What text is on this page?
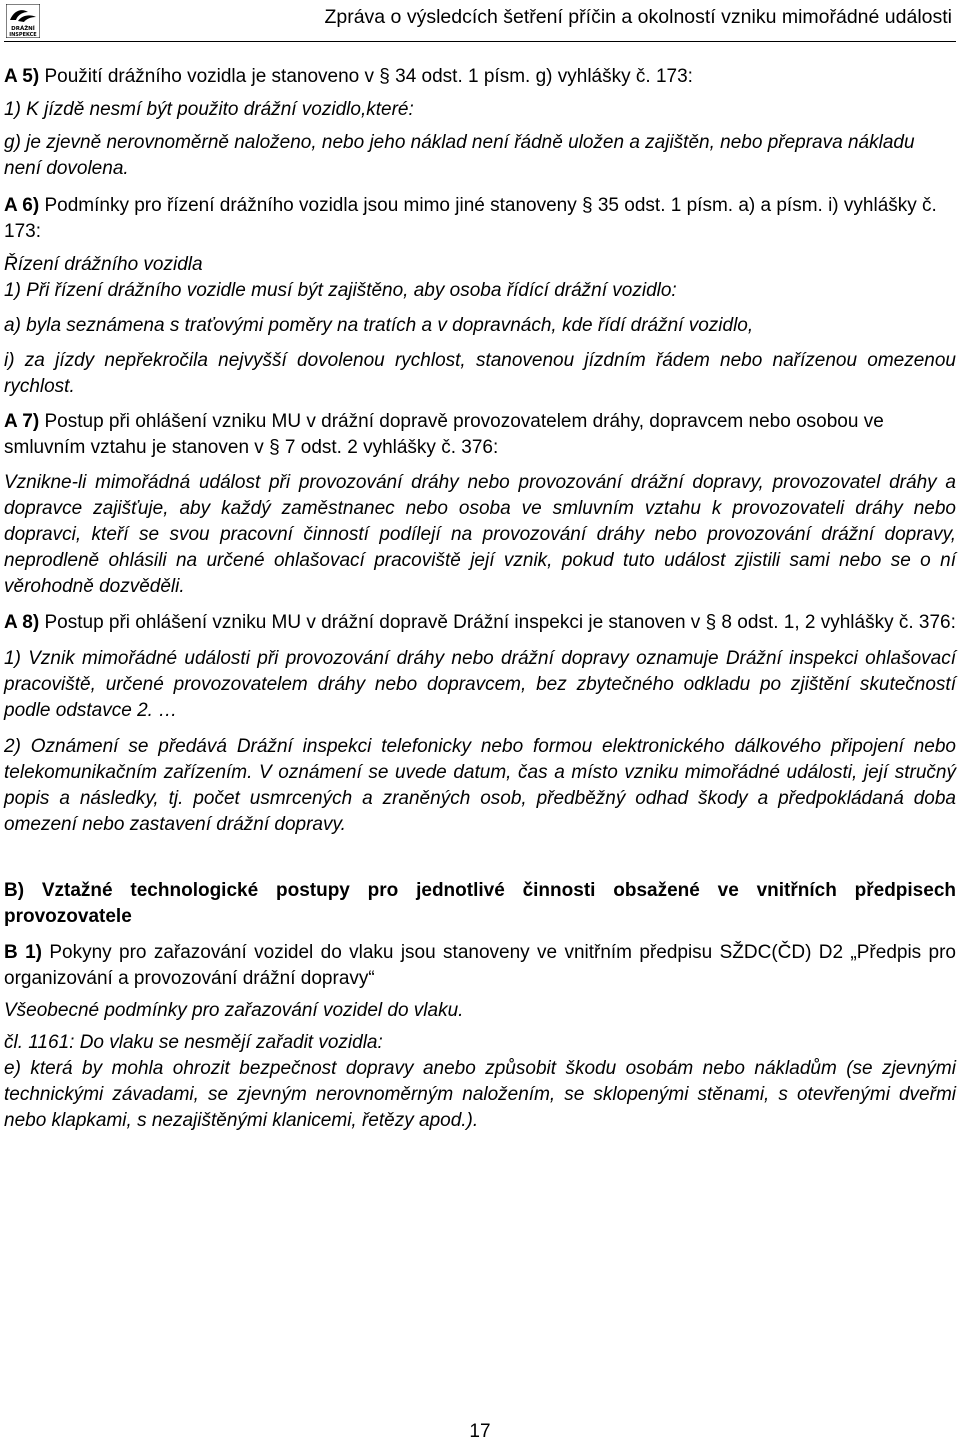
DRÁŽNÍ
INSPEKCE
Zpráva o výsledcích šetření příčin a okolností vzniku mimořádné události

A 5) Použití drážního vozidla je stanoveno v § 34 odst. 1 písm. g) vyhlášky č. 173:

1) K jízdě nesmí být použito drážní vozidlo,které:

g) je zjevně nerovnoměrně naloženo, nebo jeho náklad není řádně uložen a zajištěn, nebo přeprava nákladu není dovolena.

A 6) Podmínky pro řízení drážního vozidla jsou mimo jiné stanoveny § 35 odst. 1 písm. a) a písm. i) vyhlášky č. 173:

Řízení drážního vozidla

1) Při řízení drážního vozidle musí být zajištěno, aby osoba řídící drážní vozidlo:

a) byla seznámena s traťovými poměry na tratích a v dopravnách, kde řídí drážní vozidlo,

i) za jízdy nepřekročila nejvyšší dovolenou rychlost, stanovenou jízdním řádem nebo nařízenou omezenou rychlost.

A 7) Postup při ohlášení vzniku MU v drážní dopravě provozovatelem dráhy, dopravcem nebo osobou ve smluvním vztahu je stanoven v § 7 odst. 2 vyhlášky č. 376:

Vznikne-li mimořádná událost při provozování dráhy nebo provozování drážní dopravy, provozovatel dráhy a dopravce zajišťuje, aby každý zaměstnanec nebo osoba ve smluvním vztahu k provozovateli dráhy nebo dopravci, kteří se svou pracovní činností podílejí na provozování dráhy nebo provozování drážní dopravy, neprodleně ohlásili na určené ohlašovací pracoviště její vznik, pokud tuto událost zjistili sami nebo se o ní věrohodně dozvěděli.

A 8) Postup při ohlášení vzniku MU v drážní dopravě Drážní inspekci je stanoven v § 8 odst. 1, 2 vyhlášky č. 376:

1) Vznik mimořádné události při provozování dráhy nebo drážní dopravy oznamuje Drážní inspekci ohlašovací pracoviště, určené provozovatelem dráhy nebo dopravcem, bez zbytečného odkladu po zjištění skutečností podle odstavce 2. …

2) Oznámení se předává Drážní inspekci telefonicky nebo formou elektronického dálkového připojení nebo telekomunikačním zařízením. V oznámení se uvede datum, čas a místo vzniku mimořádné události, její stručný popis a následky, tj. počet usmrcených a zraněných osob, předběžný odhad škody a předpokládaná doba omezení nebo zastavení drážní dopravy.

B) Vztažné technologické postupy pro jednotlivé činnosti obsažené ve vnitřních předpisech provozovatele

B 1) Pokyny pro zařazování vozidel do vlaku jsou stanoveny ve vnitřním předpisu SŽDC(ČD) D2 „Předpis pro organizování a provozování drážní dopravy“

Všeobecné podmínky pro zařazování vozidel do vlaku.

čl. 1161: Do vlaku se nesmějí zařadit vozidla:

e) která by mohla ohrozit bezpečnost dopravy anebo způsobit škodu osobám nebo nákladům (se zjevnými technickými závadami, se zjevným nerovnoměrným naložením, se sklopenými stěnami, s otevřenými dveřmi nebo klapkami, s nezajištěnými klanicemi, řetězy apod.).

17
